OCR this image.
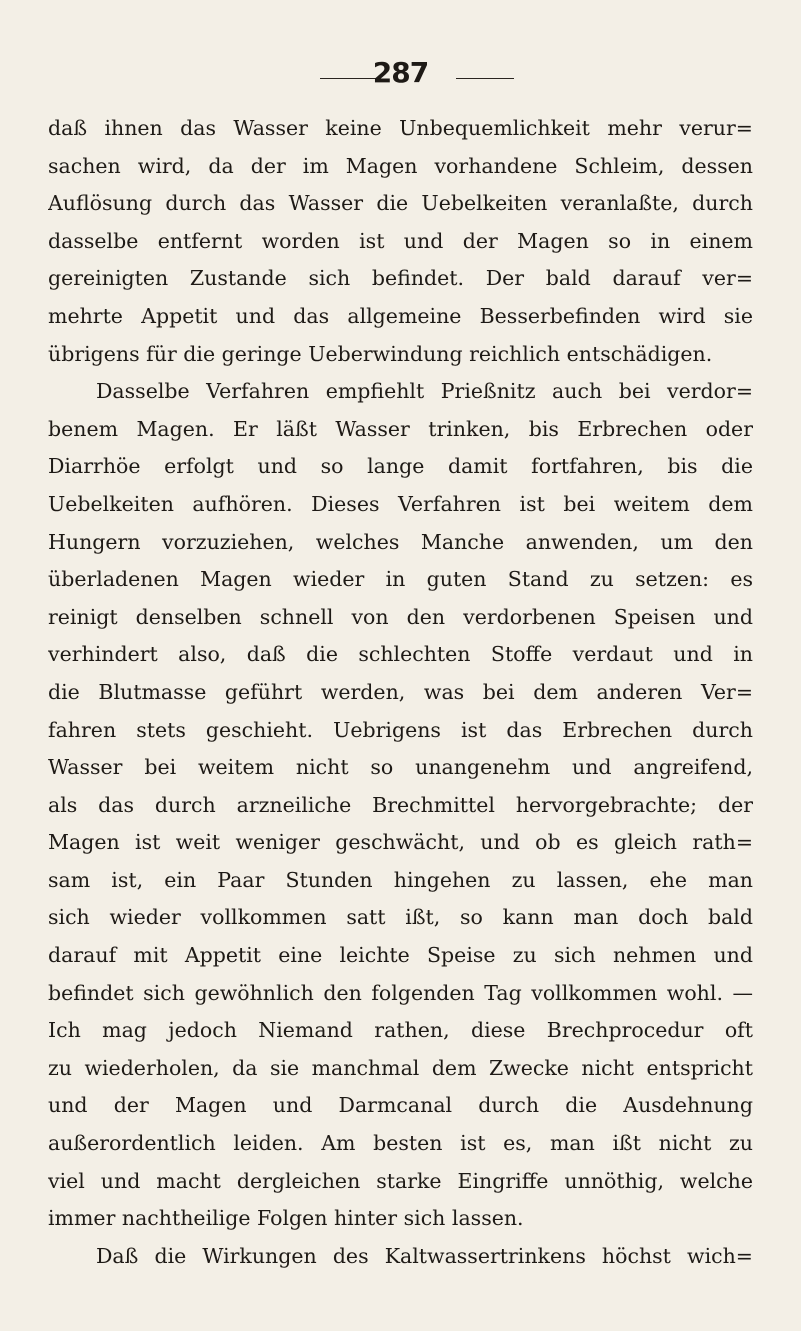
287
daß ihnen das Wasser keine Unbequemlichkeit mehr verur=
sachen wird, da der im Magen vorhandene Schleim, dessen
Auflösung durch das Wasser die Uebelkeiten veranlaßte, durch
dasselbe entfernt worden ist und der Magen so in einem
gereinigten Zustande sich befindet. Der bald darauf ver=
mehrte Appetit und das allgemeine Besserbefinden wird sie
übrigens für die geringe Ueberwindung reichlich entschädigen.
Dasselbe Verfahren empfiehlt Prießnitz auch bei verdor=
benem Magen. Er läßt Wasser trinken, bis Erbrechen oder
Diarrhöe erfolgt und so lange damit fortfahren, bis die
Uebelkeiten aufhören. Dieses Verfahren ist bei weitem dem
Hungern vorzuziehen, welches Manche anwenden, um den
überladenen Magen wieder in guten Stand zu setzen: es
reinigt denselben schnell von den verdorbenen Speisen und
verhindert also, daß die schlechten Stoffe verdaut und in
die Blutmasse geführt werden, was bei dem anderen Ver=
fahren stets geschieht. Uebrigens ist das Erbrechen durch
Wasser bei weitem nicht so unangenehm und angreifend,
als das durch arzneiliche Brechmittel hervorgebrachte; der
Magen ist weit weniger geschwächt, und ob es gleich rath=
sam ist, ein Paar Stunden hingehen zu lassen, ehe man
sich wieder vollkommen satt ißt, so kann man doch bald
darauf mit Appetit eine leichte Speise zu sich nehmen und
befindet sich gewöhnlich den folgenden Tag vollkommen wohl. —
Ich mag jedoch Niemand rathen, diese Brechprocedur oft
zu wiederholen, da sie manchmal dem Zwecke nicht entspricht
und der Magen und Darmcanal durch die Ausdehnung
außerordentlich leiden. Am besten ist es, man ißt nicht zu
viel und macht dergleichen starke Eingriffe unnöthig, welche
immer nachtheilige Folgen hinter sich lassen.
Daß die Wirkungen des Kaltwassertrinkens höchst wich=
